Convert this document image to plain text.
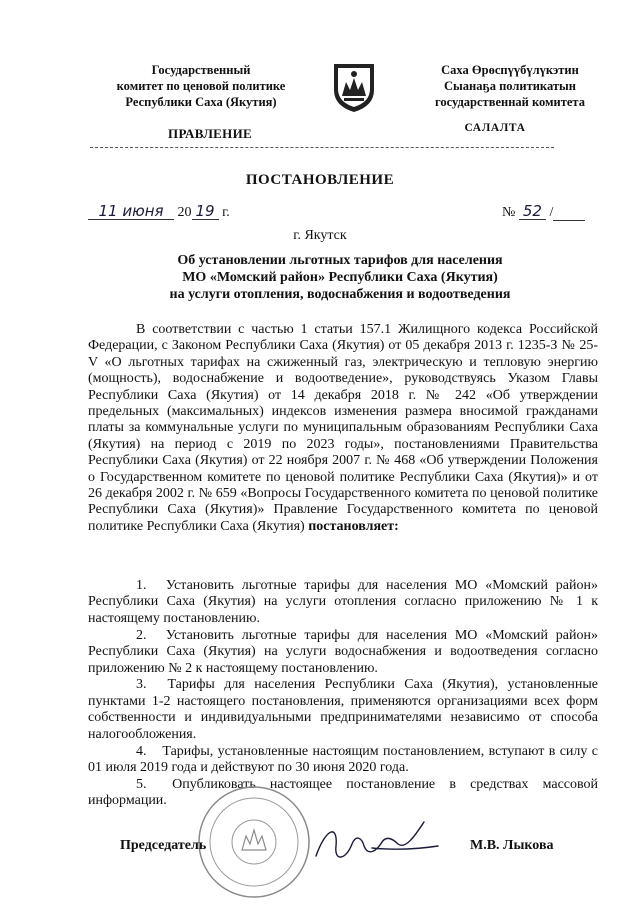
Государственный
комитет по ценовой политике
Республики Саха (Якутия)
Саха Өрөспүүбүлүкэтин
Сыанаҕа политикатын
государственнай комитета
ПРАВЛЕНИЕ	САЛАЛТА
ПОСТАНОВЛЕНИЕ
11 июня 20 19 г.	№ 52 /
г. Якутск
Об установлении льготных тарифов для населения
МО «Момский район» Республики Саха (Якутия)
на услуги отопления, водоснабжения и водоотведения

В соответствии с частью 1 статьи 157.1 Жилищного кодекса Российской Федерации, с Законом Республики Саха (Якутия) от 05 декабря 2013 г. 1235-З № 25-V «О льготных тарифах на сжиженный газ, электрическую и тепловую энергию (мощность), водоснабжение и водоотведение», руководствуясь Указом Главы Республики Саха (Якутия) от 14 декабря 2018 г. № 242 «Об утверждении предельных (максимальных) индексов изменения размера вносимой гражданами платы за коммунальные услуги по муниципальным образованиям Республики Саха (Якутия) на период с 2019 по 2023 годы», постановлениями Правительства Республики Саха (Якутия) от 22 ноября 2007 г. № 468 «Об утверждении Положения о Государственном комитете по ценовой политике Республики Саха (Якутия)» и от 26 декабря 2002 г. № 659 «Вопросы Государственного комитета по ценовой политике Республики Саха (Якутия)» Правление Государственного комитета по ценовой политике Республики Саха (Якутия) постановляет:

1. Установить льготные тарифы для населения МО «Момский район» Республики Саха (Якутия) на услуги отопления согласно приложению № 1 к настоящему постановлению.

2. Установить льготные тарифы для населения МО «Момский район» Республики Саха (Якутия) на услуги водоснабжения и водоотведения согласно приложению № 2 к настоящему постановлению.

3. Тарифы для населения Республики Саха (Якутия), установленные пунктами 1-2 настоящего постановления, применяются организациями всех форм собственности и индивидуальными предпринимателями независимо от способа налогообложения.

4. Тарифы, установленные настоящим постановлением, вступают в силу с 01 июля 2019 года и действуют по 30 июня 2020 года.

5. Опубликовать настоящее постановление в средствах массовой информации.

Председатель	М.В. Лыкова
